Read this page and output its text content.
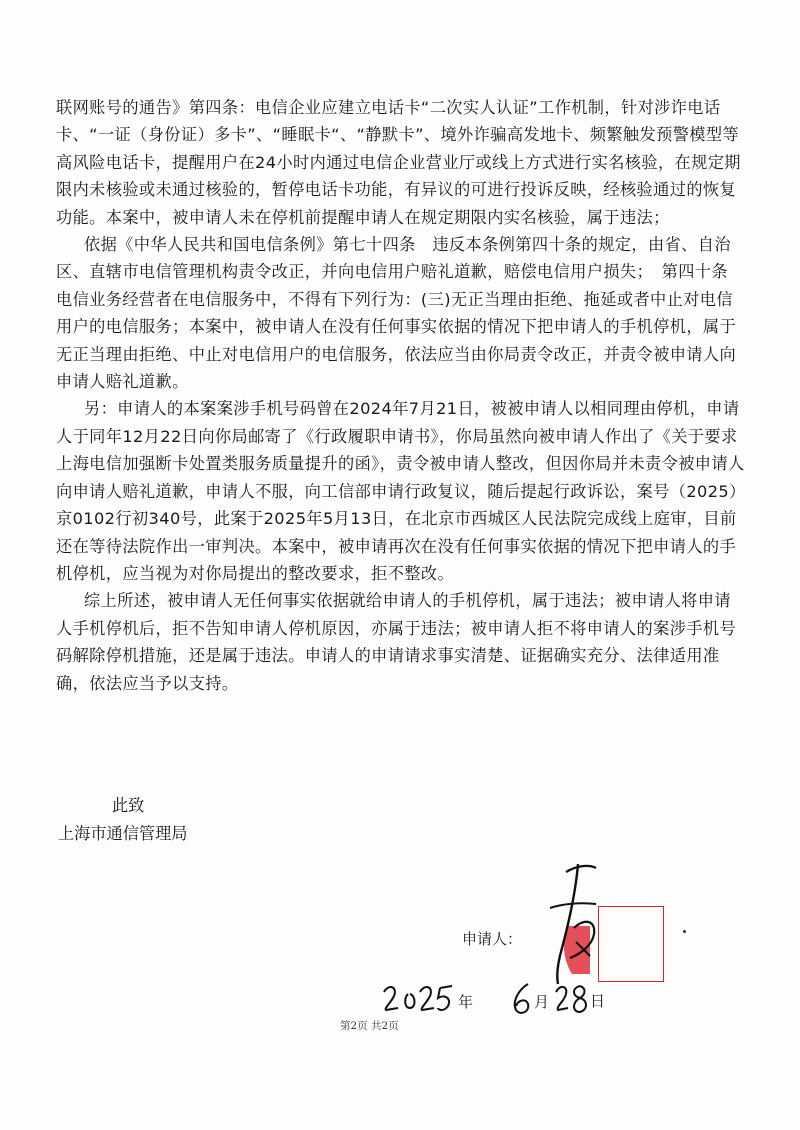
联网账号的通告》第四条：电信企业应建立电话卡“二次实人认证”工作机制，针对涉诈电话卡、“一证（身份证）多卡”、“睡眠卡“、“静默卡”、境外诈骗高发地卡、频繁触发预警模型等高风险电话卡，提醒用户在24小时内通过电信企业营业厅或线上方式进行实名核验，在规定期限内未核验或未通过核验的，暂停电话卡功能，有异议的可进行投诉反映，经核验通过的恢复功能。本案中，被申请人未在停机前提醒申请人在规定期限内实名核验，属于违法；

依据《中华人民共和国电信条例》第七十四条　违反本条例第四十条的规定，由省、自治区、直辖市电信管理机构责令改正，并向电信用户赔礼道歉，赔偿电信用户损失；　第四十条　电信业务经营者在电信服务中，不得有下列行为：(三)无正当理由拒绝、拖延或者中止对电信用户的电信服务；本案中，被申请人在没有任何事实依据的情况下把申请人的手机停机，属于无正当理由拒绝、中止对电信用户的电信服务，依法应当由你局责令改正，并责令被申请人向申请人赔礼道歉。

另：申请人的本案案涉手机号码曾在2024年7月21日，被被申请人以相同理由停机，申请人于同年12月22日向你局邮寄了《行政履职申请书》，你局虽然向被申请人作出了《关于要求上海电信加强断卡处置类服务质量提升的函》，责令被申请人整改，但因你局并未责令被申请人向申请人赔礼道歉，申请人不服，向工信部申请行政复议，随后提起行政诉讼，案号（2025）京0102行初340号，此案于2025年5月13日，在北京市西城区人民法院完成线上庭审，目前还在等待法院作出一审判决。本案中，被申请再次在没有任何事实依据的情况下把申请人的手机停机，应当视为对你局提出的整改要求，拒不整改。

综上所述，被申请人无任何事实依据就给申请人的手机停机，属于违法；被申请人将申请人手机停机后，拒不告知申请人停机原因，亦属于违法；被申请人拒不将申请人的案涉手机号码解除停机措施，还是属于违法。申请人的申请请求事实清楚、证据确实充分、法律适用准确，依法应当予以支持。

此致
上海市通信管理局
申请人：
年	月	日
第2页 共2页
